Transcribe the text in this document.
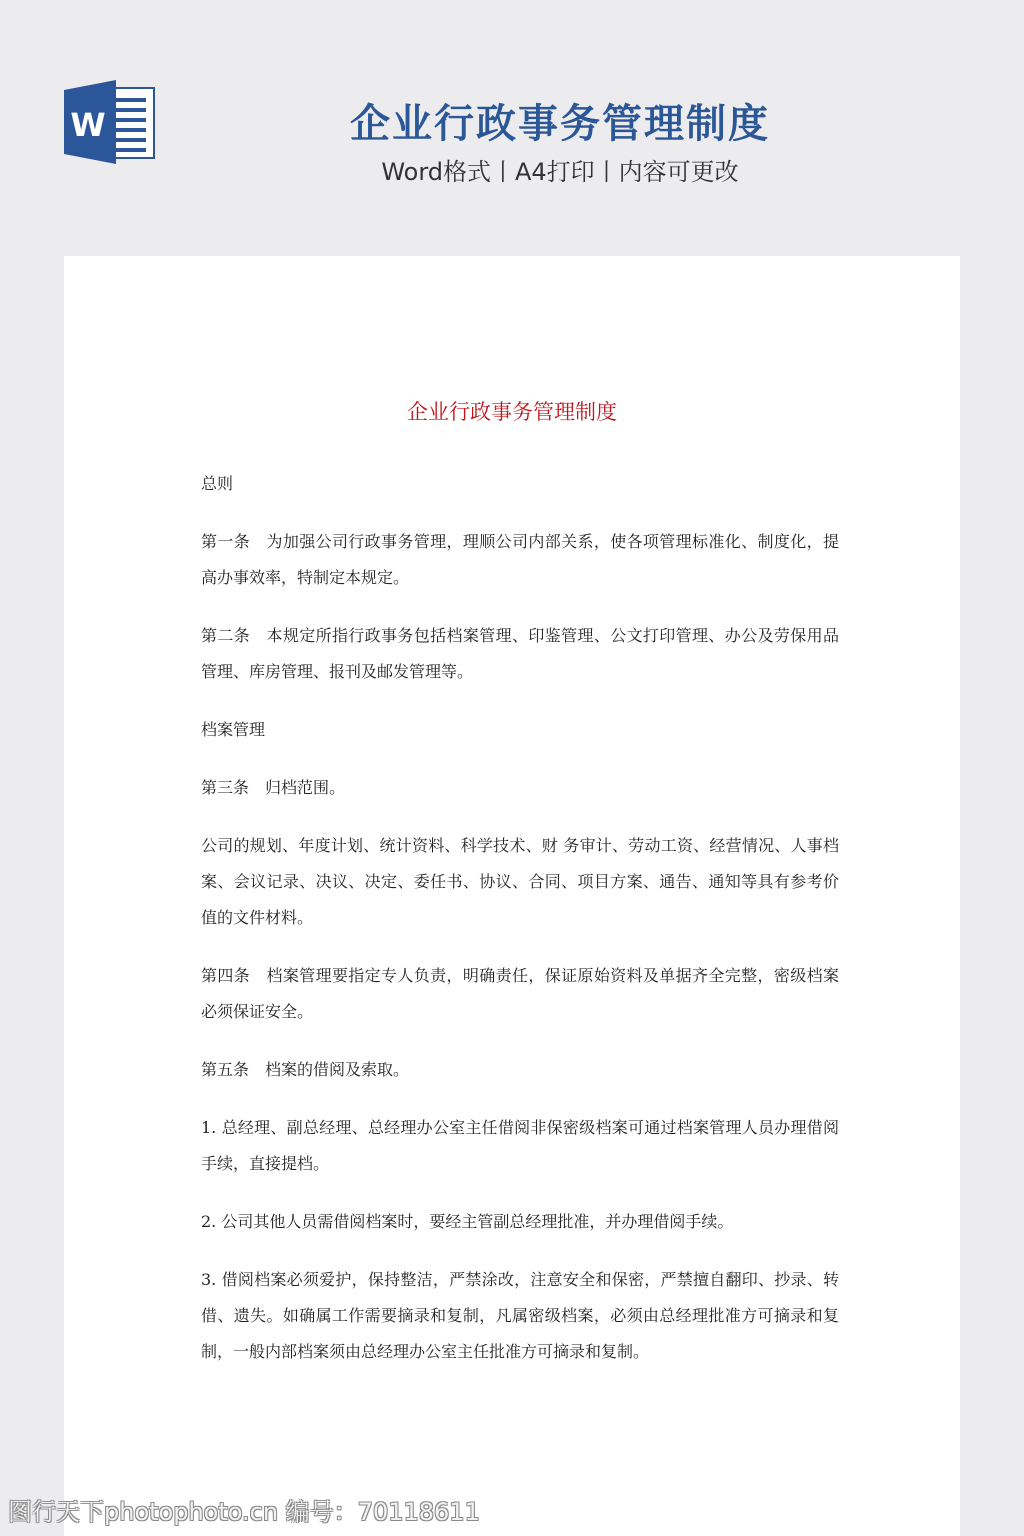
W	企业行政事务管理制度
Word格式丨A4打印丨内容可更改
企业行政事务管理制度

总则

第一条　为加强公司行政事务管理，理顺公司内部关系，使各项管理标准化、制度化，提高办事效率，特制定本规定。

第二条　本规定所指行政事务包括档案管理、印鉴管理、公文打印管理、办公及劳保用品管理、库房管理、报刊及邮发管理等。

档案管理

第三条　归档范围。

公司的规划、年度计划、统计资料、科学技术、财 务审计、劳动工资、经营情况、人事档案、会议记录、决议、决定、委任书、协议、合同、项目方案、通告、通知等具有参考价值的文件材料。

第四条　档案管理要指定专人负责，明确责任，保证原始资料及单据齐全完整，密级档案必须保证安全。

第五条　档案的借阅及索取。

1. 总经理、副总经理、总经理办公室主任借阅非保密级档案可通过档案管理人员办理借阅手续，直接提档。

2. 公司其他人员需借阅档案时，要经主管副总经理批准，并办理借阅手续。

3. 借阅档案必须爱护，保持整洁，严禁涂改，注意安全和保密，严禁擅自翻印、抄录、转借、遗失。如确属工作需要摘录和复制，凡属密级档案，必须由总经理批准方可摘录和复制，一般内部档案须由总经理办公室主任批准方可摘录和复制。

图行天下photophoto.cn 编号：70118611
